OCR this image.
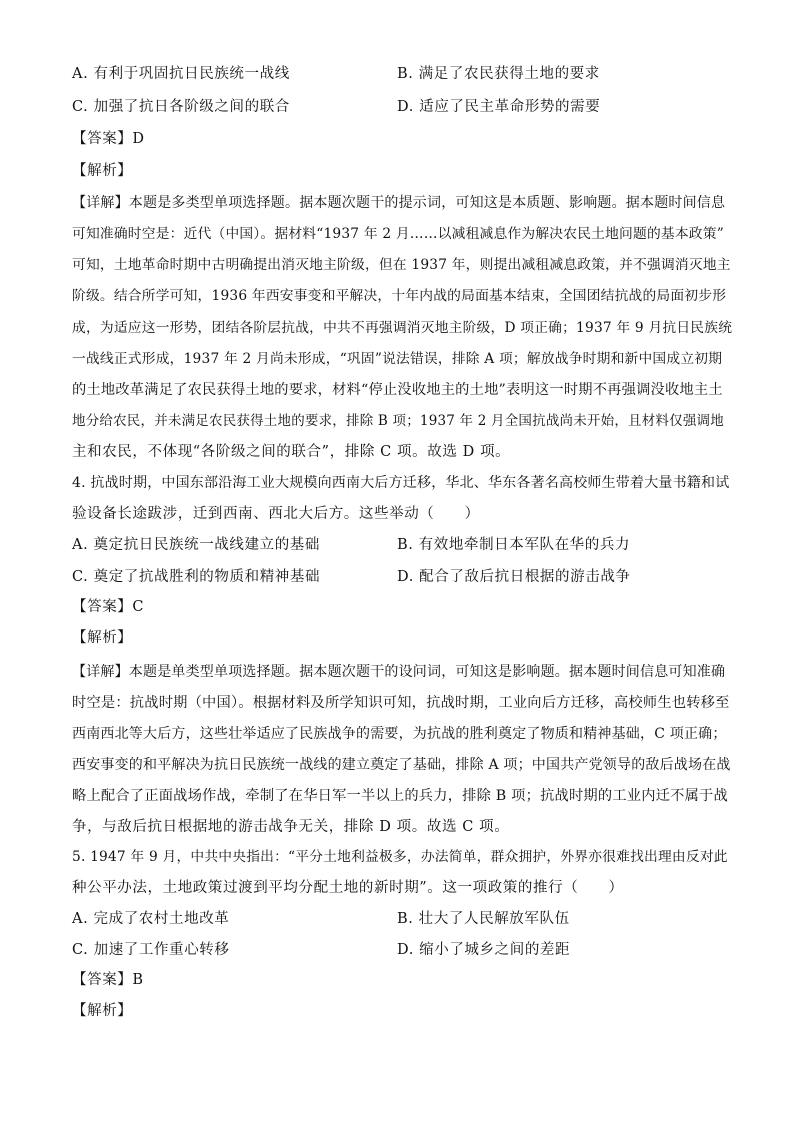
A. 有利于巩固抗日民族统一战线	B. 满足了农民获得土地的要求
C. 加强了抗日各阶级之间的联合	D. 适应了民主革命形势的需要
【答案】D
【解析】
【详解】本题是多类型单项选择题。据本题次题干的提示词，可知这是本质题、影响题。据本题时间信息
可知准确时空是：近代（中国）。据材料“1937 年 2 月……以减租减息作为解决农民土地问题的基本政策”
可知，土地革命时期中古明确提出消灭地主阶级，但在 1937 年，则提出减租减息政策，并不强调消灭地主
阶级。结合所学可知，1936 年西安事变和平解决，十年内战的局面基本结束，全国团结抗战的局面初步形
成，为适应这一形势，团结各阶层抗战，中共不再强调消灭地主阶级，D 项正确；1937 年 9 月抗日民族统
一战线正式形成，1937 年 2 月尚未形成，“巩固”说法错误，排除 A 项；解放战争时期和新中国成立初期
的土地改革满足了农民获得土地的要求，材料“停止没收地主的土地”表明这一时期不再强调没收地主土
地分给农民，并未满足农民获得土地的要求，排除 B 项；1937 年 2 月全国抗战尚未开始，且材料仅强调地
主和农民，不体现“各阶级之间的联合”，排除 C 项。故选 D 项。
4. 抗战时期，中国东部沿海工业大规模向西南大后方迁移，华北、华东各著名高校师生带着大量书籍和试
验设备长途跋涉，迁到西南、西北大后方。这些举动（　　）
A. 奠定抗日民族统一战线建立的基础	B. 有效地牵制日本军队在华的兵力
C. 奠定了抗战胜利的物质和精神基础	D. 配合了敌后抗日根据的游击战争
【答案】C
【解析】
【详解】本题是单类型单项选择题。据本题次题干的设问词，可知这是影响题。据本题时间信息可知准确
时空是：抗战时期（中国）。根据材料及所学知识可知，抗战时期，工业向后方迁移，高校师生也转移至
西南西北等大后方，这些壮举适应了民族战争的需要，为抗战的胜利奠定了物质和精神基础，C 项正确；
西安事变的和平解决为抗日民族统一战线的建立奠定了基础，排除 A 项；中国共产党领导的敌后战场在战
略上配合了正面战场作战，牵制了在华日军一半以上的兵力，排除 B 项；抗战时期的工业内迁不属于战
争，与敌后抗日根据地的游击战争无关，排除 D 项。故选 C 项。
5. 1947 年 9 月，中共中央指出：“平分土地利益极多，办法简单，群众拥护，外界亦很难找出理由反对此
种公平办法，土地政策过渡到平均分配土地的新时期”。这一项政策的推行（　　）
A. 完成了农村土地改革	B. 壮大了人民解放军队伍
C. 加速了工作重心转移	D. 缩小了城乡之间的差距
【答案】B
【解析】
